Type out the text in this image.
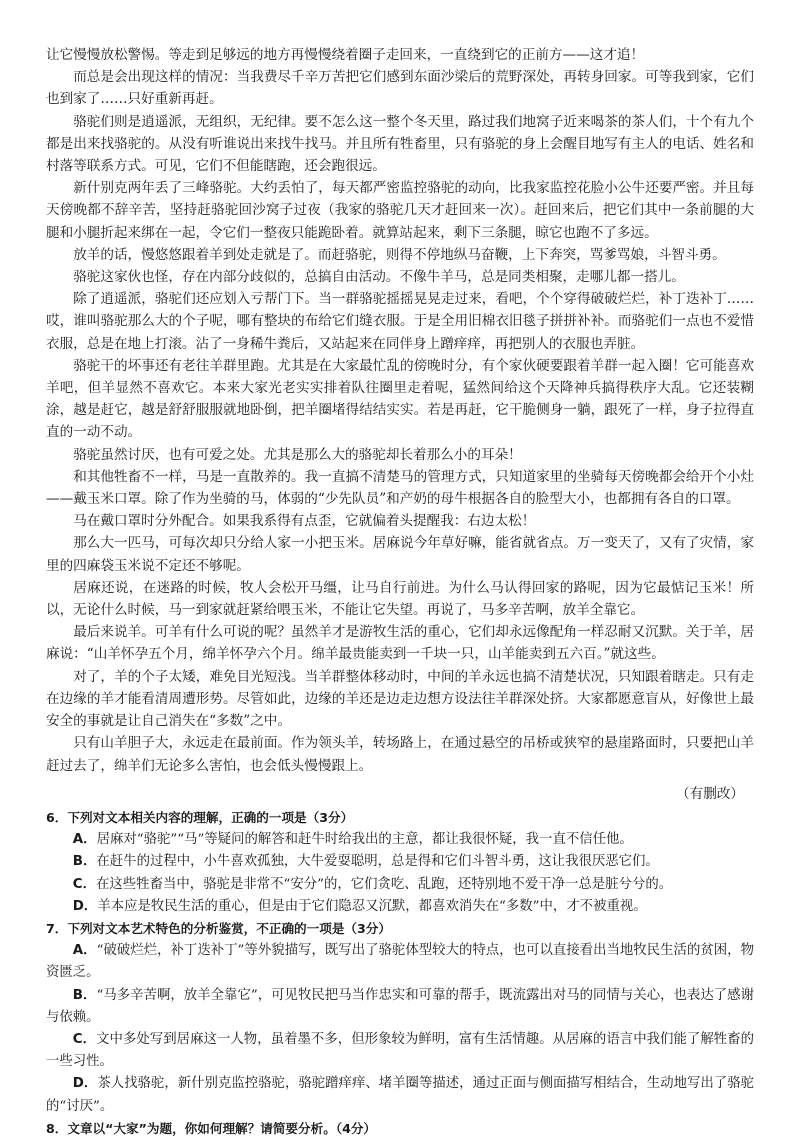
让它慢慢放松警惕。等走到足够远的地方再慢慢绕着圈子走回来，一直绕到它的正前方——这才追！

而总是会出现这样的情况：当我费尽千辛万苦把它们感到东面沙梁后的荒野深处，再转身回家。可等我到家，它们也到家了……只好重新再赶。

骆驼们则是逍遥派，无组织，无纪律。要不怎么这一整个冬天里，路过我们地窝子近来喝茶的茶人们，十个有九个都是出来找骆驼的。从没有听谁说出来找牛找马。并且所有牲畜里，只有骆驼的身上会醒目地写有主人的电话、姓名和村落等联系方式。可见，它们不但能瞎跑，还会跑很远。

新什别克两年丢了三峰骆驼。大约丢怕了，每天都严密监控骆驼的动向，比我家监控花脸小公牛还要严密。并且每天傍晚都不辞辛苦，坚持赶骆驼回沙窝子过夜（我家的骆驼几天才赶回来一次）。赶回来后，把它们其中一条前腿的大腿和小腿折起来绑在一起，令它们一整夜只能跪卧着。就算站起来，剩下三条腿，晾它也跑不了多远。

放羊的话，慢悠悠跟着羊到处走就是了。而赶骆驼，则得不停地纵马奋鞭，上下奔突，骂爹骂娘，斗智斗勇。

骆驼这家伙也怪，存在内部分歧似的，总搞自由活动。不像牛羊马，总是同类相聚，走哪儿都一搭儿。

除了逍遥派，骆驼们还应划入亏帮门下。当一群骆驼摇摇晃晃走过来，看吧，个个穿得破破烂烂，补丁迭补丁……哎，谁叫骆驼那么大的个子呢，哪有整块的布给它们缝衣服。于是全用旧棉衣旧毯子拼拼补补。而骆驼们一点也不爱惜衣服，总是在地上打滚。沾了一身稀牛粪后，又站起来在同伴身上蹭痒痒，再把别人的衣服也弄脏。

骆驼干的坏事还有老往羊群里跑。尤其是在大家最忙乱的傍晚时分，有个家伙硬要跟着羊群一起入圈！它可能喜欢羊吧，但羊显然不喜欢它。本来大家光老实实排着队往圈里走着呢，猛然间给这个天降神兵搞得秩序大乱。它还装糊涂，越是赶它，越是舒舒服服就地卧倒，把羊圈堵得结结实实。若是再赶，它干脆侧身一躺，跟死了一样，身子拉得直直的一动不动。

骆驼虽然讨厌，也有可爱之处。尤其是那么大的骆驼却长着那么小的耳朵！

和其他牲畜不一样，马是一直散养的。我一直搞不清楚马的管理方式，只知道家里的坐骑每天傍晚都会给开个小灶——戴玉米口罩。除了作为坐骑的马，体弱的“少先队员”和产奶的母牛根据各自的脸型大小，也都拥有各自的口罩。

马在戴口罩时分外配合。如果我系得有点歪，它就偏着头提醒我：右边太松！

那么大一匹马，可每次却只分给人家一小把玉米。居麻说今年草好嘛，能省就省点。万一变天了，又有了灾情，家里的四麻袋玉米说不定还不够呢。

居麻还说，在迷路的时候，牧人会松开马缰，让马自行前进。为什么马认得回家的路呢，因为它最惦记玉米！所以，无论什么时候，马一到家就赶紧给喂玉米，不能让它失望。再说了，马多辛苦啊，放羊全靠它。

最后来说羊。可羊有什么可说的呢？虽然羊才是游牧生活的重心，它们却永远像配角一样忍耐又沉默。关于羊，居麻说：“山羊怀孕五个月，绵羊怀孕六个月。绵羊最贵能卖到一千块一只，山羊能卖到五六百。”就这些。

对了，羊的个子太矮，难免目光短浅。当羊群整体移动时，中间的羊永远也搞不清楚状况，只知跟着瞎走。只有走在边缘的羊才能看清周遭形势。尽管如此，边缘的羊还是边走边想方设法往羊群深处挤。大家都愿意盲从，好像世上最安全的事就是让自己消失在“多数”之中。

只有山羊胆子大，永远走在最前面。作为领头羊，转场路上，在通过悬空的吊桥或狭窄的悬崖路面时，只要把山羊赶过去了，绵羊们无论多么害怕，也会低头慢慢跟上。

（有删改）

6．下列对文本相关内容的理解，正确的一项是（3分）

A．居麻对“骆驼”“马”等疑问的解答和赶牛时给我出的主意，都让我很怀疑，我一直不信任他。

B．在赶牛的过程中，小牛喜欢孤独，大牛爱耍聪明，总是得和它们斗智斗勇，这让我很厌恶它们。

C．在这些牲畜当中，骆驼是非常不“安分”的，它们贪吃、乱跑，还特别地不爱干净一总是脏兮兮的。

D．羊本应是牧民生活的重心，但是由于它们隐忍又沉默，都喜欢消失在“多数”中，才不被重视。

7．下列对文本艺术特色的分析鉴赏，不正确的一项是（3分）

A．“破破烂烂，补丁迭补丁”等外貌描写，既写出了骆驼体型较大的特点，也可以直接看出当地牧民生活的贫困，物资匮乏。

B．“马多辛苦啊，放羊全靠它”，可见牧民把马当作忠实和可靠的帮手，既流露出对马的同情与关心，也表达了感谢与依赖。

C．文中多处写到居麻这一人物，虽着墨不多，但形象较为鲜明，富有生活情趣。从居麻的语言中我们能了解牲畜的一些习性。

D．茶人找骆驼，新什别克监控骆驼，骆驼蹭痒痒、堵羊圈等描述，通过正面与侧面描写相结合，生动地写出了骆驼的“讨厌”。

8．文章以“大家”为题，你如何理解？请简要分析。（4分）
